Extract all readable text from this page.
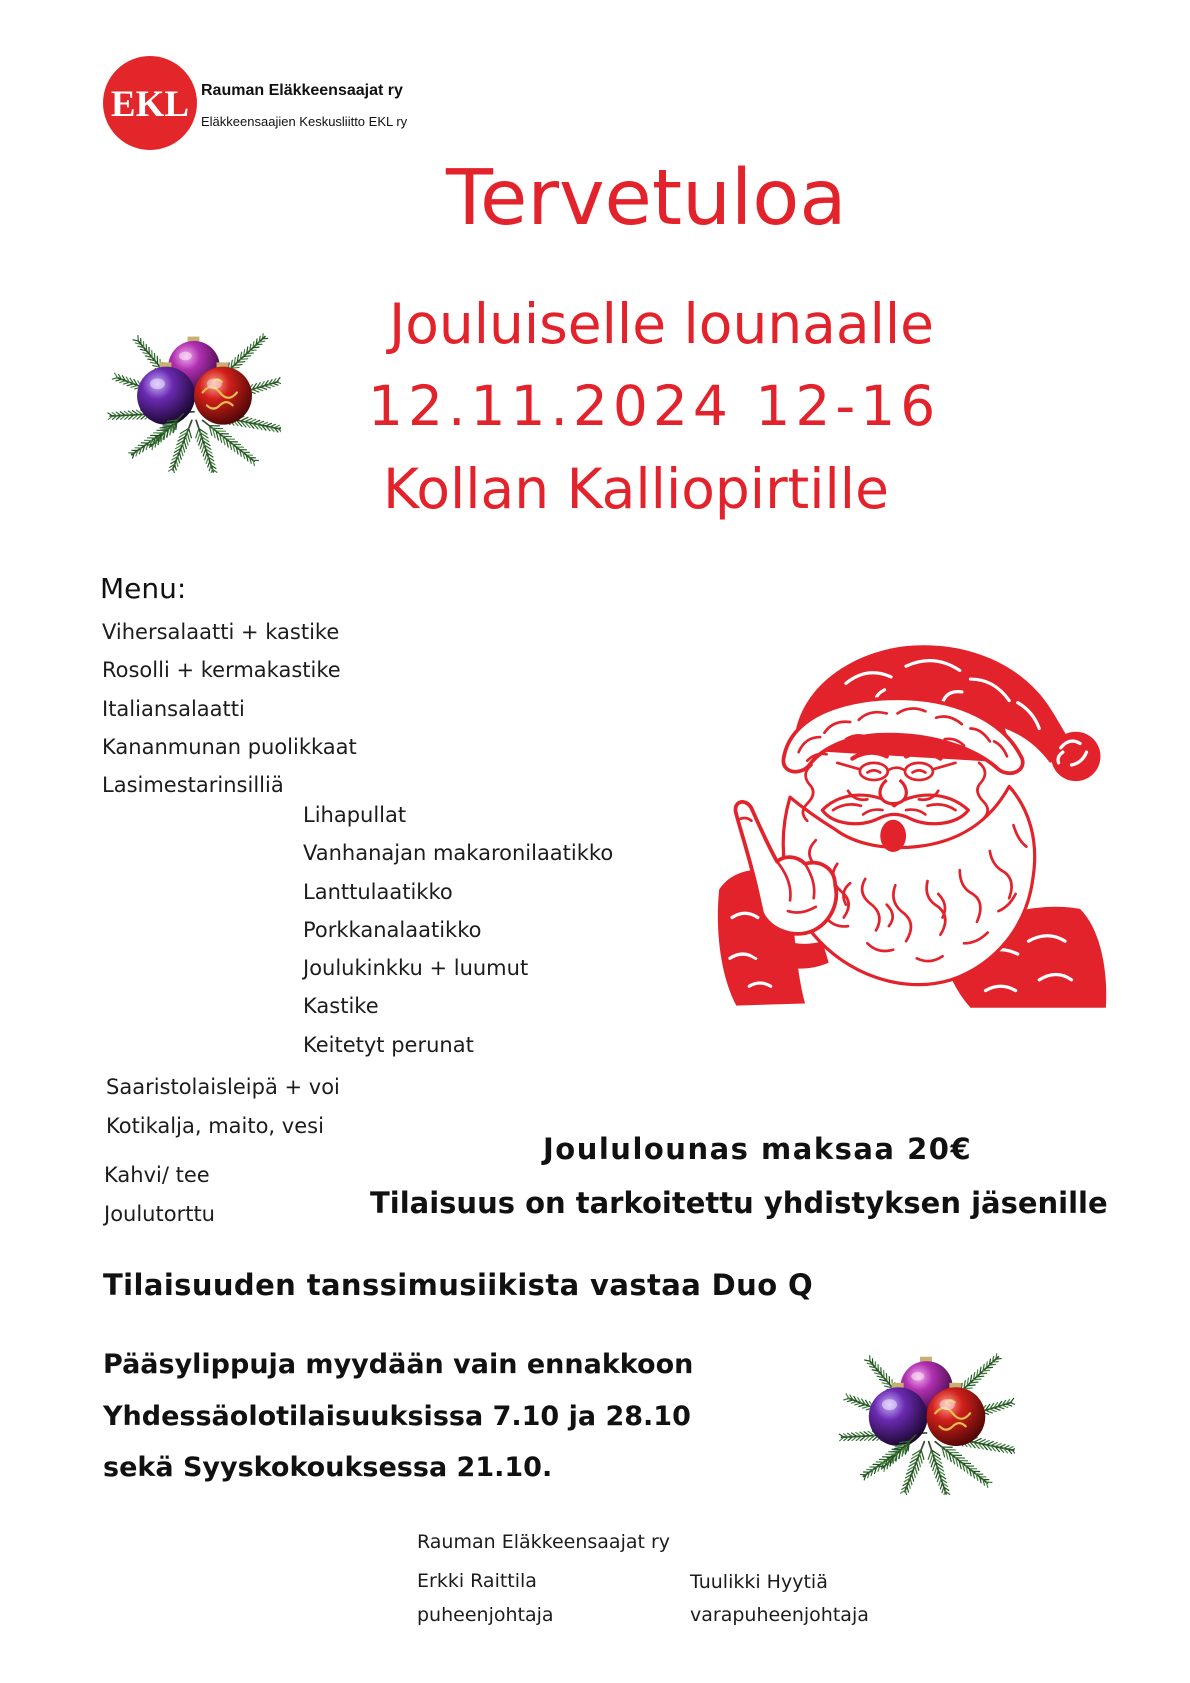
EKL Rauman Eläkkeensaajat ry
Eläkkeensaajien Keskusliitto EKL ry
Tervetuloa
Jouluiselle lounaalle
12.11.2024 12-16
Kollan Kalliopirtille
Menu:
Vihersalaatti + kastike
Rosolli + kermakastike
Italiansalaatti
Kananmunan puolikkaat
Lasimestarinsilliä
Lihapullat
Vanhanajan makaronilaatikko
Lanttulaatikko
Porkkanalaatikko
Joulukinkku + luumut
Kastike
Keitetyt perunat
Saaristolaisleipä + voi
Kotikalja, maito, vesi
Kahvi/ tee
Joulutorttu
Joululounas maksaa 20€
Tilaisuus on tarkoitettu yhdistyksen jäsenille
Tilaisuuden tanssimusiikista vastaa Duo Q
Pääsylippuja myydään vain ennakkoon
Yhdessäolotilaisuuksissa 7.10 ja 28.10
sekä Syyskokouksessa 21.10.
Rauman Eläkkeensaajat ry
Erkki Raittila
puheenjohtaja
Tuulikki Hyytiä
varapuheenjohtaja
